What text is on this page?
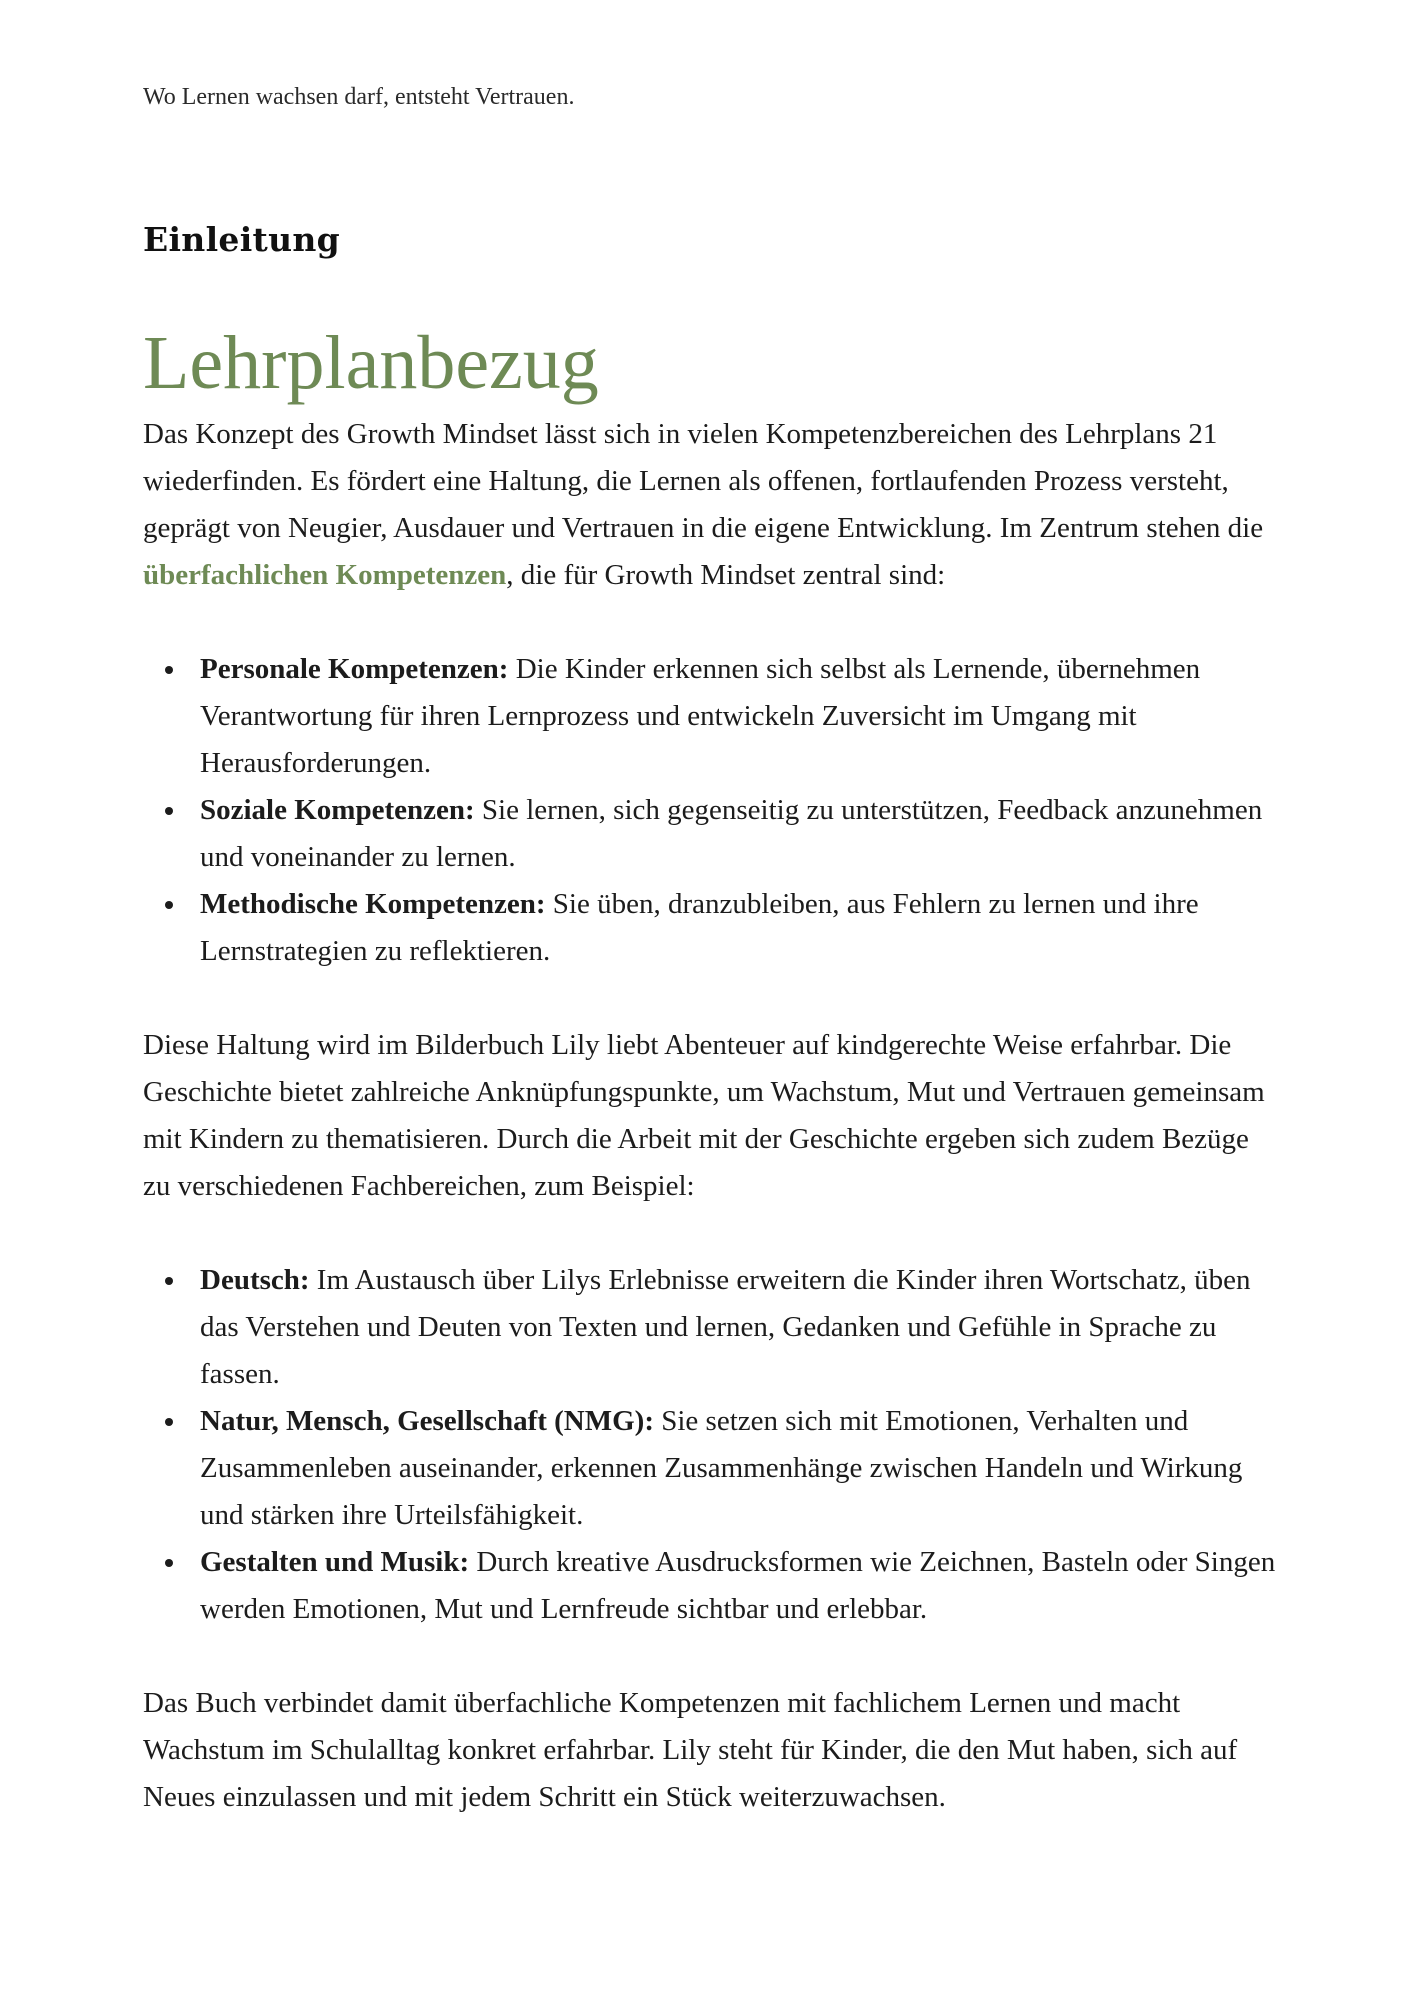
Wo Lernen wachsen darf, entsteht Vertrauen.
Einleitung
Lehrplanbezug

Das Konzept des Growth Mindset lässt sich in vielen Kompetenzbereichen des Lehrplans 21 wiederfinden. Es fördert eine Haltung, die Lernen als offenen, fortlaufenden Prozess versteht, geprägt von Neugier, Ausdauer und Vertrauen in die eigene Entwicklung. Im Zentrum stehen die überfachlichen Kompetenzen, die für Growth Mindset zentral sind:

Personale Kompetenzen: Die Kinder erkennen sich selbst als Lernende, übernehmen Verantwortung für ihren Lernprozess und entwickeln Zuversicht im Umgang mit Herausforderungen.
Soziale Kompetenzen: Sie lernen, sich gegenseitig zu unterstützen, Feedback anzunehmen und voneinander zu lernen.
Methodische Kompetenzen: Sie üben, dranzubleiben, aus Fehlern zu lernen und ihre Lernstrategien zu reflektieren.

Diese Haltung wird im Bilderbuch Lily liebt Abenteuer auf kindgerechte Weise erfahrbar. Die Geschichte bietet zahlreiche Anknüpfungspunkte, um Wachstum, Mut und Vertrauen gemeinsam mit Kindern zu thematisieren. Durch die Arbeit mit der Geschichte ergeben sich zudem Bezüge zu verschiedenen Fachbereichen, zum Beispiel:

Deutsch: Im Austausch über Lilys Erlebnisse erweitern die Kinder ihren Wortschatz, üben das Verstehen und Deuten von Texten und lernen, Gedanken und Gefühle in Sprache zu fassen.
Natur, Mensch, Gesellschaft (NMG): Sie setzen sich mit Emotionen, Verhalten und Zusammenleben auseinander, erkennen Zusammenhänge zwischen Handeln und Wirkung und stärken ihre Urteilsfähigkeit.
Gestalten und Musik: Durch kreative Ausdrucksformen wie Zeichnen, Basteln oder Singen werden Emotionen, Mut und Lernfreude sichtbar und erlebbar.

Das Buch verbindet damit überfachliche Kompetenzen mit fachlichem Lernen und macht Wachstum im Schulalltag konkret erfahrbar. Lily steht für Kinder, die den Mut haben, sich auf Neues einzulassen und mit jedem Schritt ein Stück weiterzuwachsen.
